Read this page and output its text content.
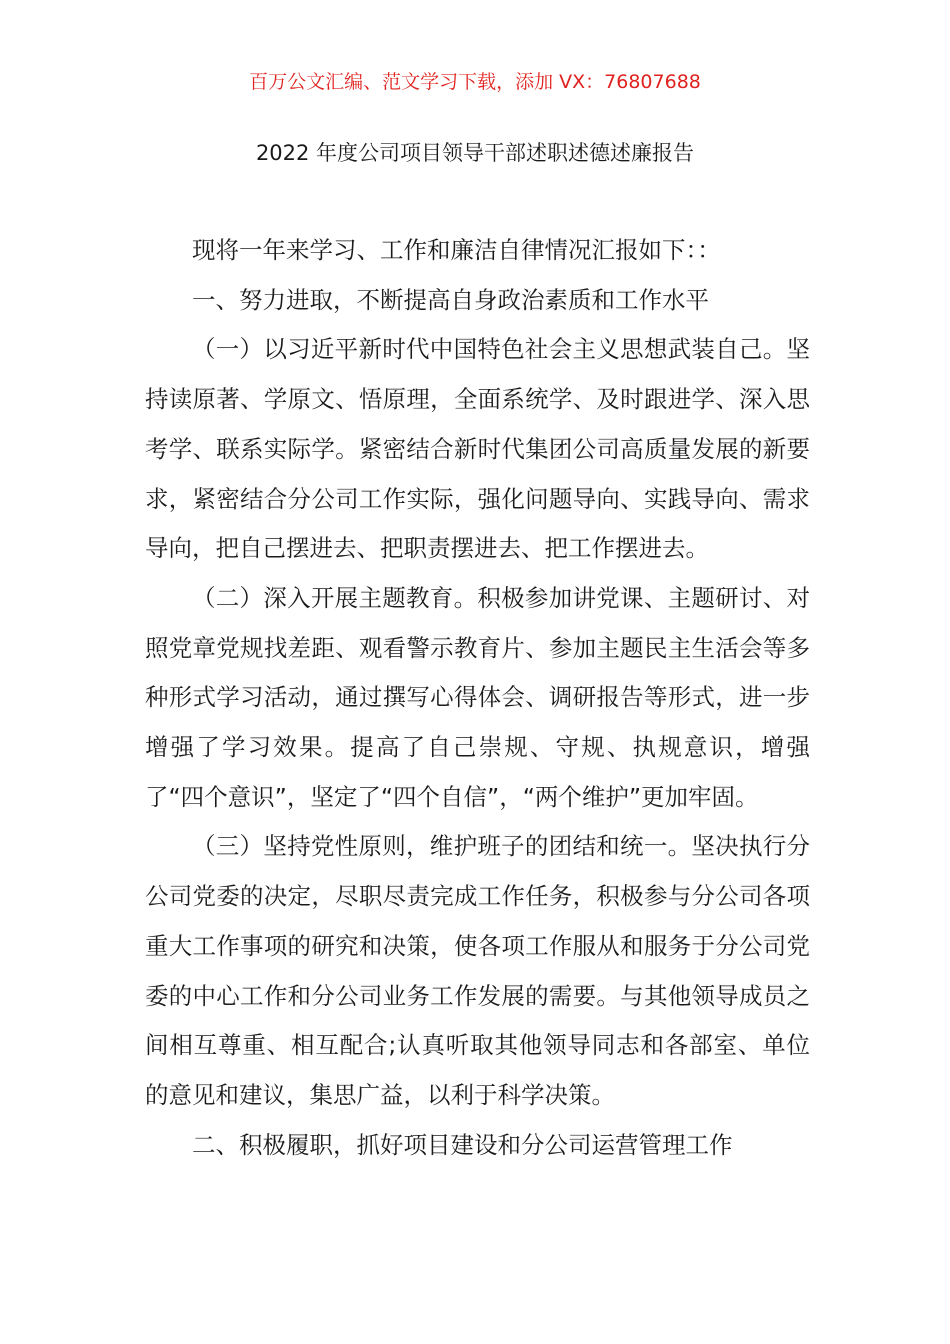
百万公文汇编、范文学习下载，添加 VX：76807688
2022 年度公司项目领导干部述职述德述廉报告

现将一年来学习、工作和廉洁自律情况汇报如下：：

一、努力进取，不断提高自身政治素质和工作水平

（一）以习近平新时代中国特色社会主义思想武装自己。坚持读原著、学原文、悟原理，全面系统学、及时跟进学、深入思考学、联系实际学。紧密结合新时代集团公司高质量发展的新要求，紧密结合分公司工作实际，强化问题导向、实践导向、需求导向，把自己摆进去、把职责摆进去、把工作摆进去。

（二）深入开展主题教育。积极参加讲党课、主题研讨、对照党章党规找差距、观看警示教育片、参加主题民主生活会等多种形式学习活动，通过撰写心得体会、调研报告等形式，进一步增强了学习效果。提高了自己崇规、守规、执规意识，增强了“四个意识”，坚定了“四个自信”，“两个维护”更加牢固。

（三）坚持党性原则，维护班子的团结和统一。坚决执行分公司党委的决定，尽职尽责完成工作任务，积极参与分公司各项重大工作事项的研究和决策，使各项工作服从和服务于分公司党委的中心工作和分公司业务工作发展的需要。与其他领导成员之间相互尊重、相互配合;认真听取其他领导同志和各部室、单位的意见和建议，集思广益，以利于科学决策。

二、积极履职，抓好项目建设和分公司运营管理工作
